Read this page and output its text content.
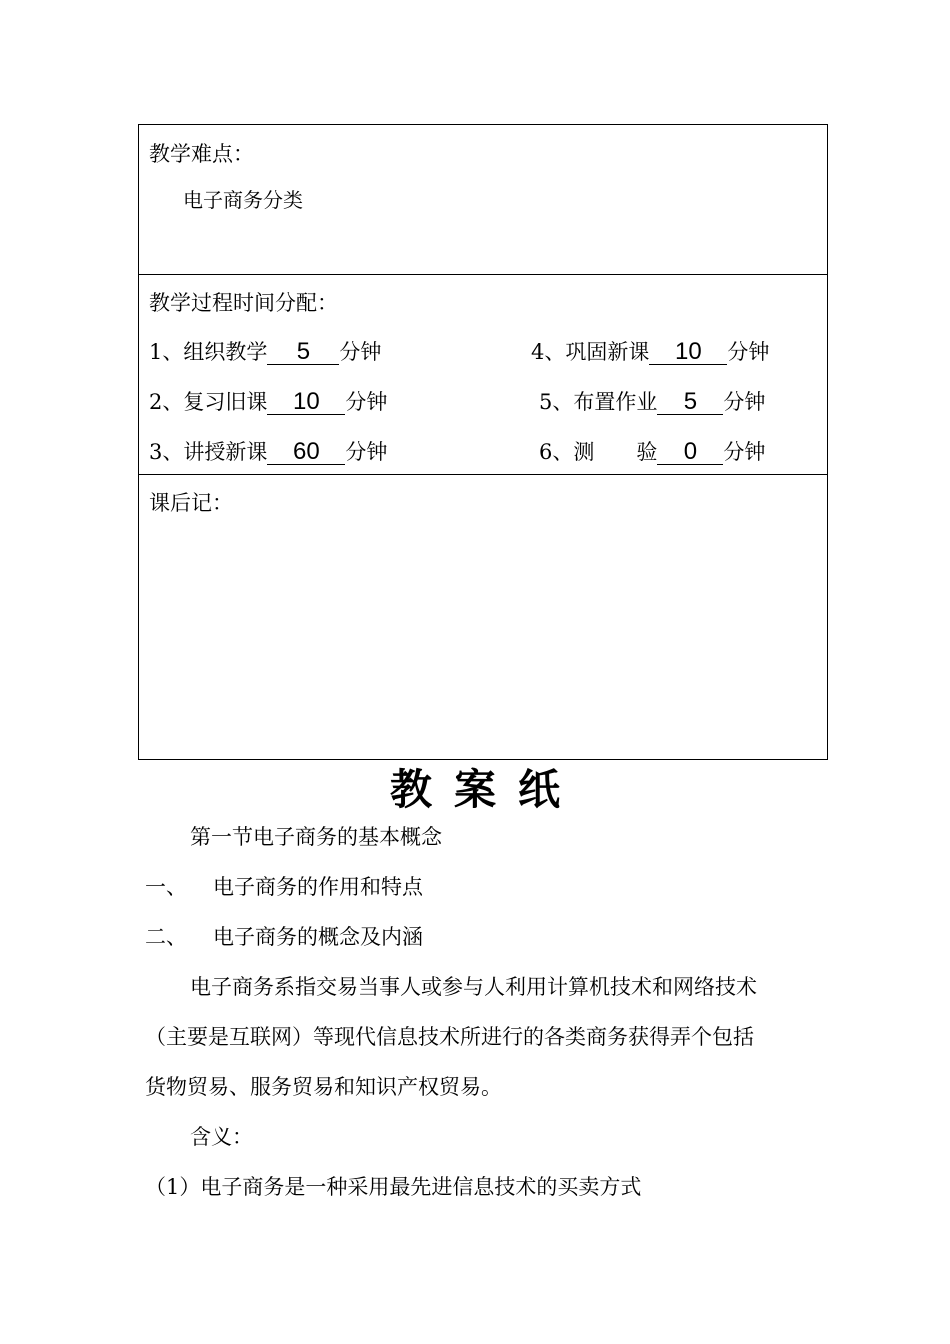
教学难点：
电子商务分类
教学过程时间分配：
1、组织教学 5 分钟
2、复习旧课 10 分钟
3、讲授新课 60 分钟
4、巩固新课 10 分钟
5、布置作业 5 分钟
6、测　　验 0 分钟
课后记：
教案纸
第一节电子商务的基本概念
一、 电子商务的作用和特点
二、 电子商务的概念及内涵
电子商务系指交易当事人或参与人利用计算机技术和网络技术
（主要是互联网）等现代信息技术所进行的各类商务获得弄个包括
货物贸易、服务贸易和知识产权贸易。
含义：
（1）电子商务是一种采用最先进信息技术的买卖方式
